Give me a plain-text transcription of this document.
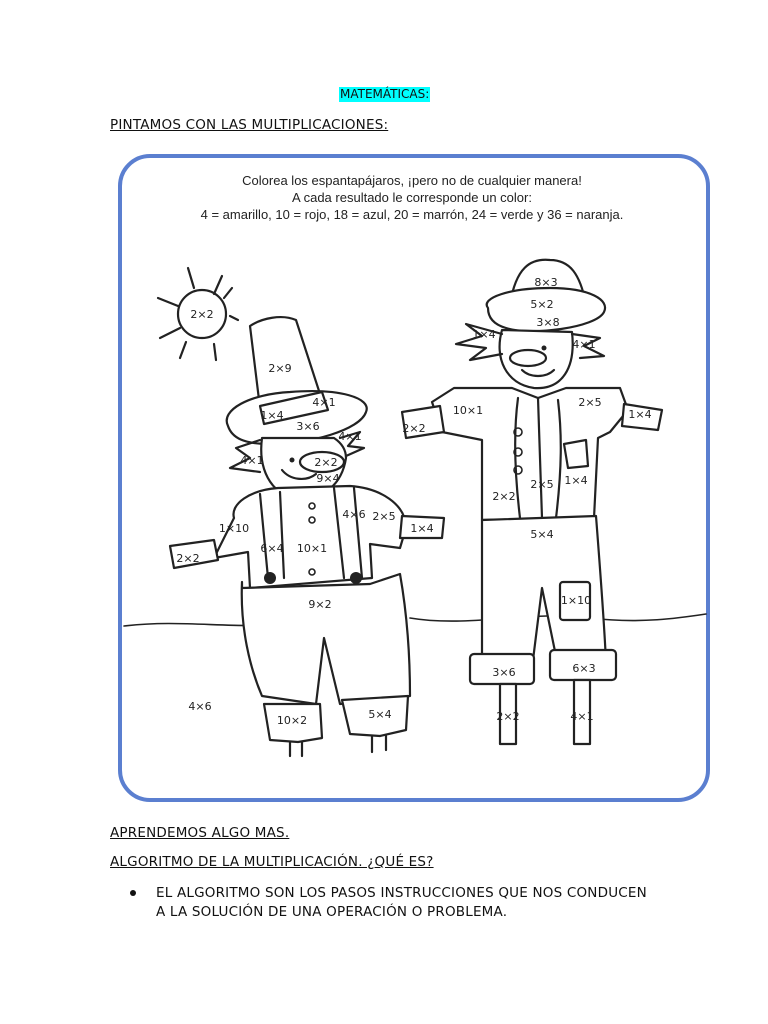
MATEMÁTICAS:
PINTAMOS CON LAS MULTIPLICACIONES:
Colorea los espantapájaros, ¡pero no de cualquier manera!
A cada resultado le corresponde un color:
4 = amarillo, 10 = rojo, 18 = azul, 20 = marrón, 24 = verde y 36 = naranja.
2×2
2×9
1×4
4×1
3×6
4×1
4×1
2×2
9×4
1×10
2×2
6×4
4×6 2×5
1×4
10×1
9×2
10×2	5×4
4×6
8×3
5×2
3×8
1×4
4×1
10×1
2×2
2×5
1×4
2×2
2×5 1×4
5×4
1×10
3×6	6×3
2×2	4×1
APRENDEMOS ALGO MAS.
ALGORITMO DE LA MULTIPLICACIÓN. ¿QUÉ ES?
EL ALGORITMO SON LOS PASOS INSTRUCCIONES QUE NOS CONDUCEN A LA SOLUCIÓN DE UNA OPERACIÓN O PROBLEMA.
